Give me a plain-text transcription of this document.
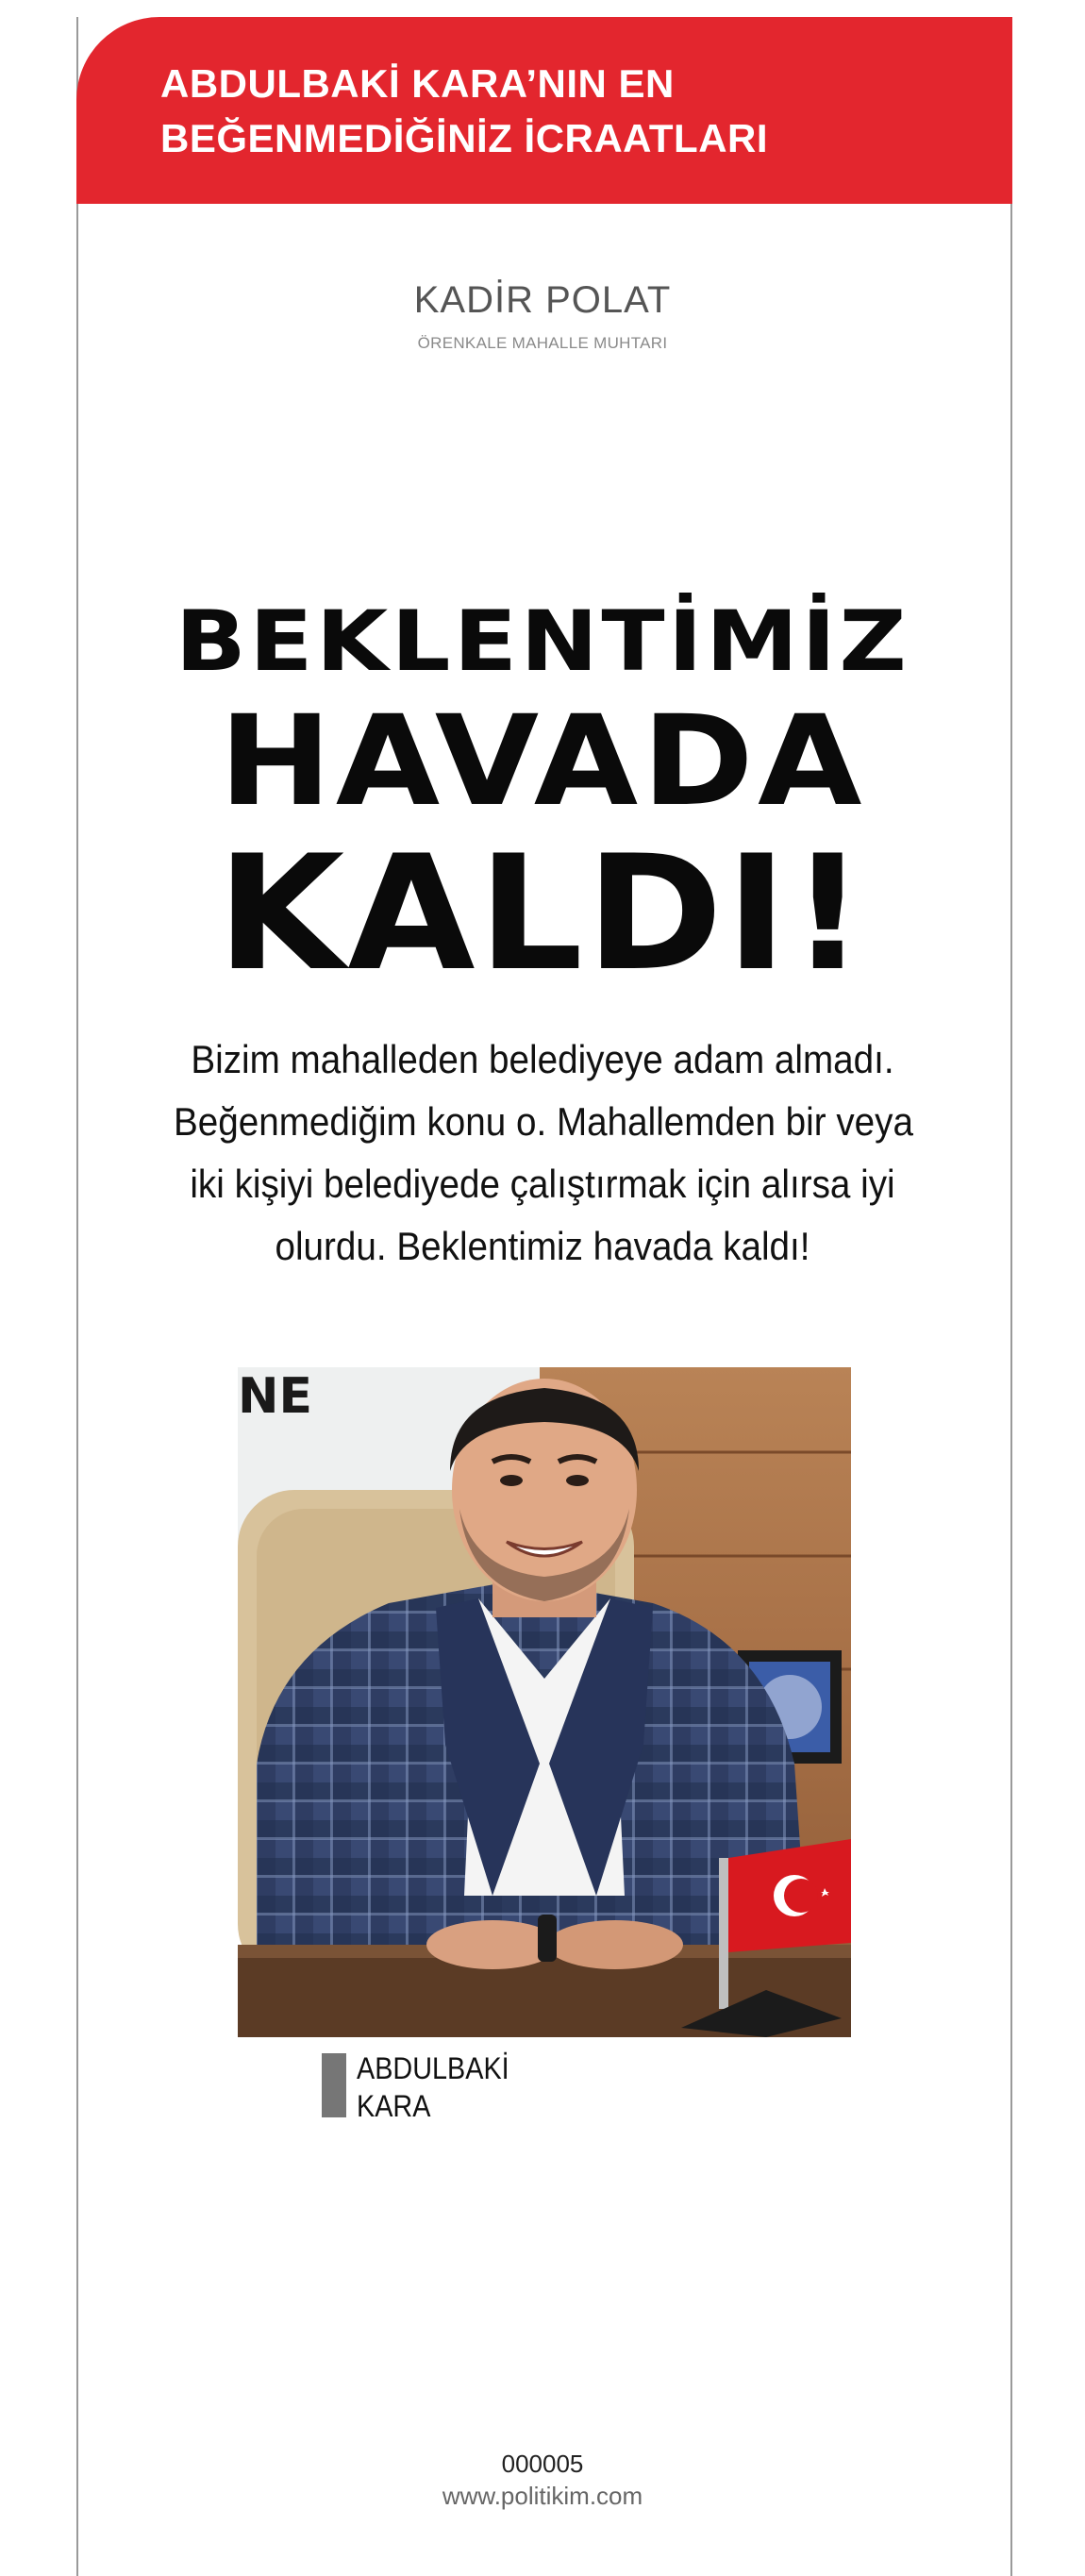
ABDULBAKİ KARA’NIN EN
BEĞENMEDİĞİNİZ İCRAATLARI
KADİR POLAT
ÖRENKALE MAHALLE MUHTARI
BEKLENTİMİZ
HAVADA
KALDI!

Bizim mahalleden belediyeye adam almadı.
Beğenmediğim konu o. Mahallemden bir veya
iki kişiyi belediyede çalıştırmak için alırsa iyi
olurdu. Beklentimiz havada kaldı!

NE
ABDULBAKİ
KARA
000005
www.politikim.com
